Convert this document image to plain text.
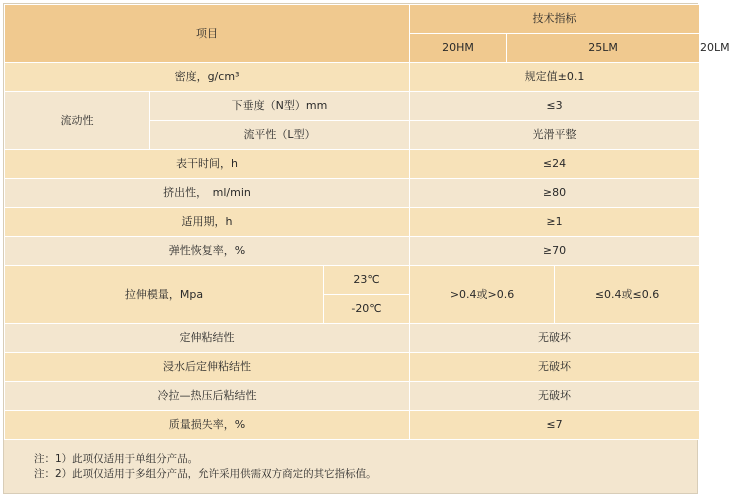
项目			技术指标			
			20HM	25LM		20LM
密度，g/cm³			规定值±0.1			
流动性	下垂度（N型）mm		≤3			
	流平性（L型）		光滑平整			
表干时间，h			≤24			
挤出性，　ml/min			≥80			
适用期，h			≥1			
弹性恢复率，%			≥70			
拉伸模量，Mpa		23℃	>0.4或>0.6		≤0.4或≤0.6	
		-20℃				
定伸粘结性			无破坏			
浸水后定伸粘结性			无破坏			
冷拉—热压后粘结性			无破坏			
质量损失率，%			≤7			
注：1）此项仅适用于单组分产品。
注：2）此项仅适用于多组分产品，允许采用供需双方商定的其它指标值。
